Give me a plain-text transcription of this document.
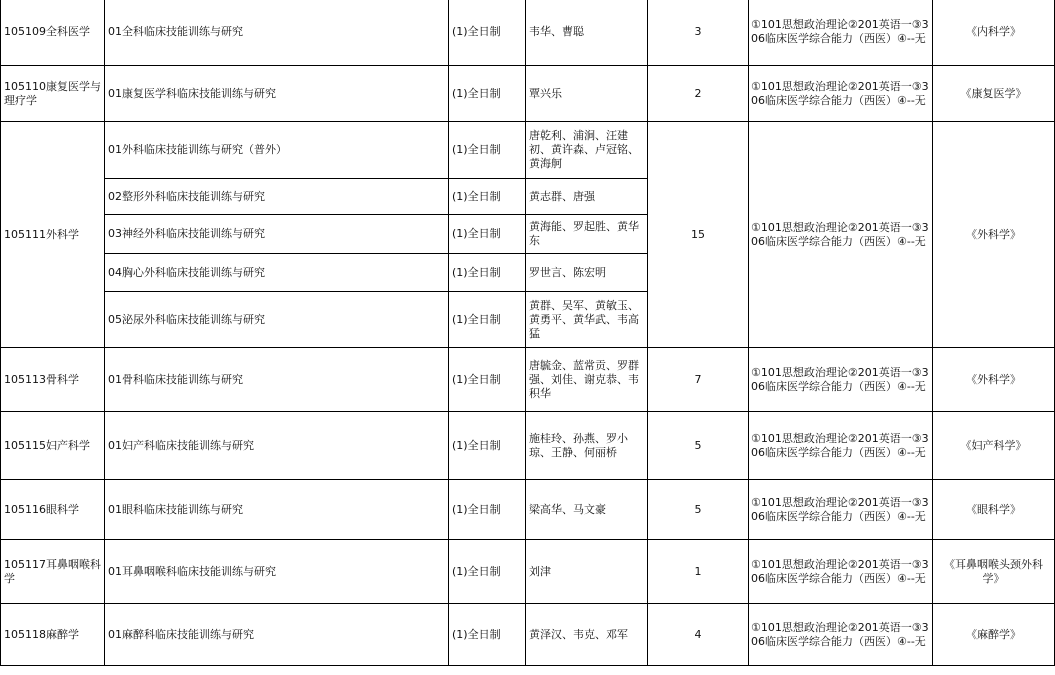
105109全科医学	01全科临床技能训练与研究	(1)全日制	韦华、曹聪	3	①101思想政治理论②201英语一③306临床医学综合能力（西医）④--无	《内科学》
105110康复医学与理疗学	01康复医学科临床技能训练与研究	(1)全日制	覃兴乐	2	①101思想政治理论②201英语一③306临床医学综合能力（西医）④--无	《康复医学》
105111外科学	01外科临床技能训练与研究（普外）	(1)全日制	唐乾利、浦涧、汪建初、黄许森、卢冠铭、黄海舸	15	①101思想政治理论②201英语一③306临床医学综合能力（西医）④--无	《外科学》
	02整形外科临床技能训练与研究	(1)全日制	黄志群、唐强			
	03神经外科临床技能训练与研究	(1)全日制	黄海能、罗起胜、黄华东			
	04胸心外科临床技能训练与研究	(1)全日制	罗世言、陈宏明			
	05泌尿外科临床技能训练与研究	(1)全日制	黄群、吴军、黄敏玉、黄勇平、黄华武、韦高猛			
105113骨科学	01骨科临床技能训练与研究	(1)全日制	唐毓金、蓝常贡、罗群强、刘佳、谢克恭、韦积华	7	①101思想政治理论②201英语一③306临床医学综合能力（西医）④--无	《外科学》
105115妇产科学	01妇产科临床技能训练与研究	(1)全日制	施桂玲、孙燕、罗小琼、王静、何丽桥	5	①101思想政治理论②201英语一③306临床医学综合能力（西医）④--无	《妇产科学》
105116眼科学	01眼科临床技能训练与研究	(1)全日制	梁高华、马文豪	5	①101思想政治理论②201英语一③306临床医学综合能力（西医）④--无	《眼科学》
105117耳鼻咽喉科学	01耳鼻咽喉科临床技能训练与研究	(1)全日制	刘津	1	①101思想政治理论②201英语一③306临床医学综合能力（西医）④--无	《耳鼻咽喉头颈外科学》
105118麻醉学	01麻醉科临床技能训练与研究	(1)全日制	黄泽汉、韦克、邓军	4	①101思想政治理论②201英语一③306临床医学综合能力（西医）④--无	《麻醉学》
